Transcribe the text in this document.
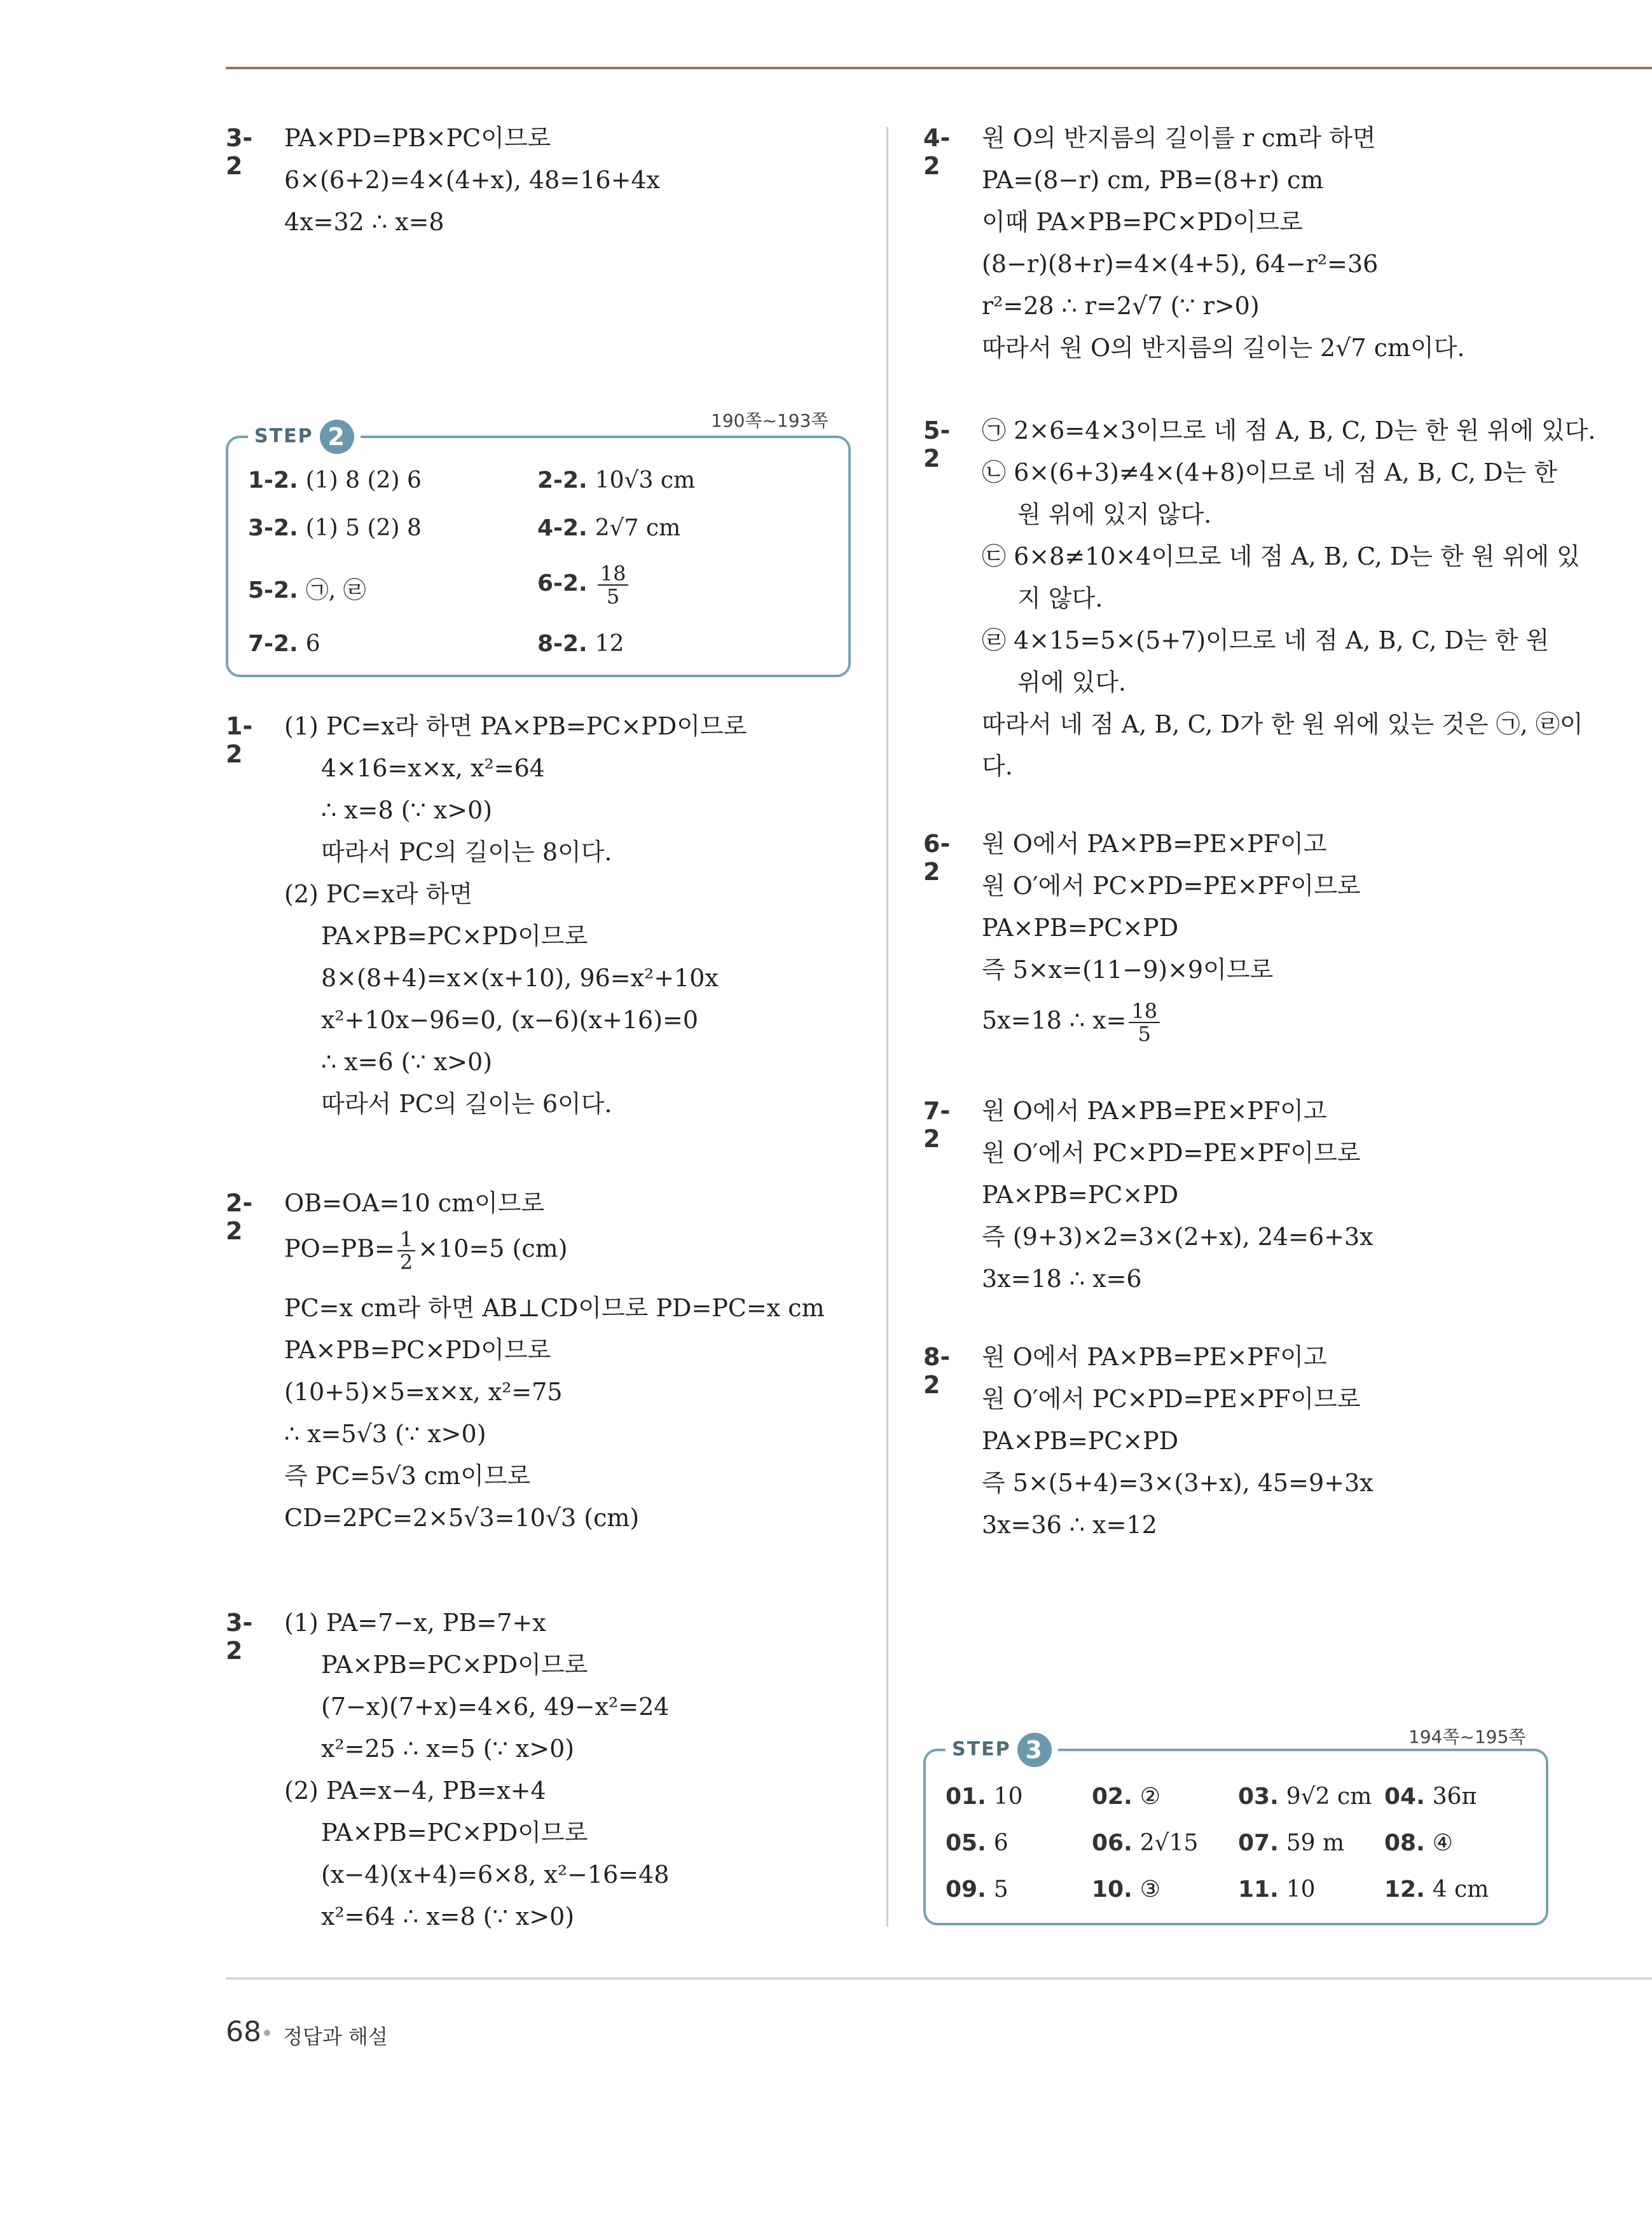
3-2
PA×PD=PB×PC이므로
6×(6+2)=4×(4+x), 48=16+4x
4x=32 ∴ x=8
STEP 2
190쪽~193쪽
1-2. (1) 8 (2) 6	2-2. 10√3 cm
3-2. (1) 5 (2) 8	4-2. 2√7 cm
5-2. ㉠, ㉣	6-2. $\frac{18}{5}$
7-2. 6	8-2. 12
1-2
(1) PC=x라 하면 PA×PB=PC×PD이므로
4×16=x×x, x²=64
∴ x=8 (∵ x>0)
따라서 PC의 길이는 8이다.
(2) PC=x라 하면
PA×PB=PC×PD이므로
8×(8+4)=x×(x+10), 96=x²+10x
x²+10x−96=0, (x−6)(x+16)=0
∴ x=6 (∵ x>0)
따라서 PC의 길이는 6이다.
2-2
OB=OA=10 cm이므로
$PO=PB= \frac{1}{2} \times 10=5$ (cm)
PC=x cm라 하면 AB⊥CD이므로 PD=PC=x cm
PA×PB=PC×PD이므로
(10+5)×5=x×x, x²=75
∴ x=5√3 (∵ x>0)
즉 PC=5√3 cm이므로
CD=2PC=2×5√3=10√3 (cm)
3-2
(1) PA=7−x, PB=7+x
PA×PB=PC×PD이므로
(7−x)(7+x)=4×6, 49−x²=24
x²=25 ∴ x=5 (∵ x>0)
(2) PA=x−4, PB=x+4
PA×PB=PC×PD이므로
(x−4)(x+4)=6×8, x²−16=48
x²=64 ∴ x=8 (∵ x>0)
4-2
원 O의 반지름의 길이를 r cm라 하면
PA=(8−r) cm, PB=(8+r) cm
이때 PA×PB=PC×PD이므로
(8−r)(8+r)=4×(4+5), 64−r²=36
r²=28 ∴ r=2√7 (∵ r>0)
따라서 원 O의 반지름의 길이는 2√7 cm이다.
5-2
㉠ 2×6=4×3이므로 네 점 A, B, C, D는 한 원 위에 있다.
㉡ 6×(6+3)≠4×(4+8)이므로 네 점 A, B, C, D는 한
원 위에 있지 않다.
㉢ 6×8≠10×4이므로 네 점 A, B, C, D는 한 원 위에 있
지 않다.
㉣ 4×15=5×(5+7)이므로 네 점 A, B, C, D는 한 원
위에 있다.
따라서 네 점 A, B, C, D가 한 원 위에 있는 것은 ㉠, ㉣이
다.
6-2
원 O에서 PA×PB=PE×PF이고
원 O′에서 PC×PD=PE×PF이므로
PA×PB=PC×PD
즉 5×x=(11−9)×9이므로
5x=18 ∴ $x= \frac{18}{5}$
7-2
원 O에서 PA×PB=PE×PF이고
원 O′에서 PC×PD=PE×PF이므로
PA×PB=PC×PD
즉 (9+3)×2=3×(2+x), 24=6+3x
3x=18 ∴ x=6
8-2
원 O에서 PA×PB=PE×PF이고
원 O′에서 PC×PD=PE×PF이므로
PA×PB=PC×PD
즉 5×(5+4)=3×(3+x), 45=9+3x
3x=36 ∴ x=12
STEP 3	194쪽~195쪽
01. 10	02. ②	03. 9√2 cm 04. 36π
05. 6	06. 2√15 07. 59 m 08. ④
09. 5	10. ③	11. 10	12. 4 cm
68 정답과 해설
